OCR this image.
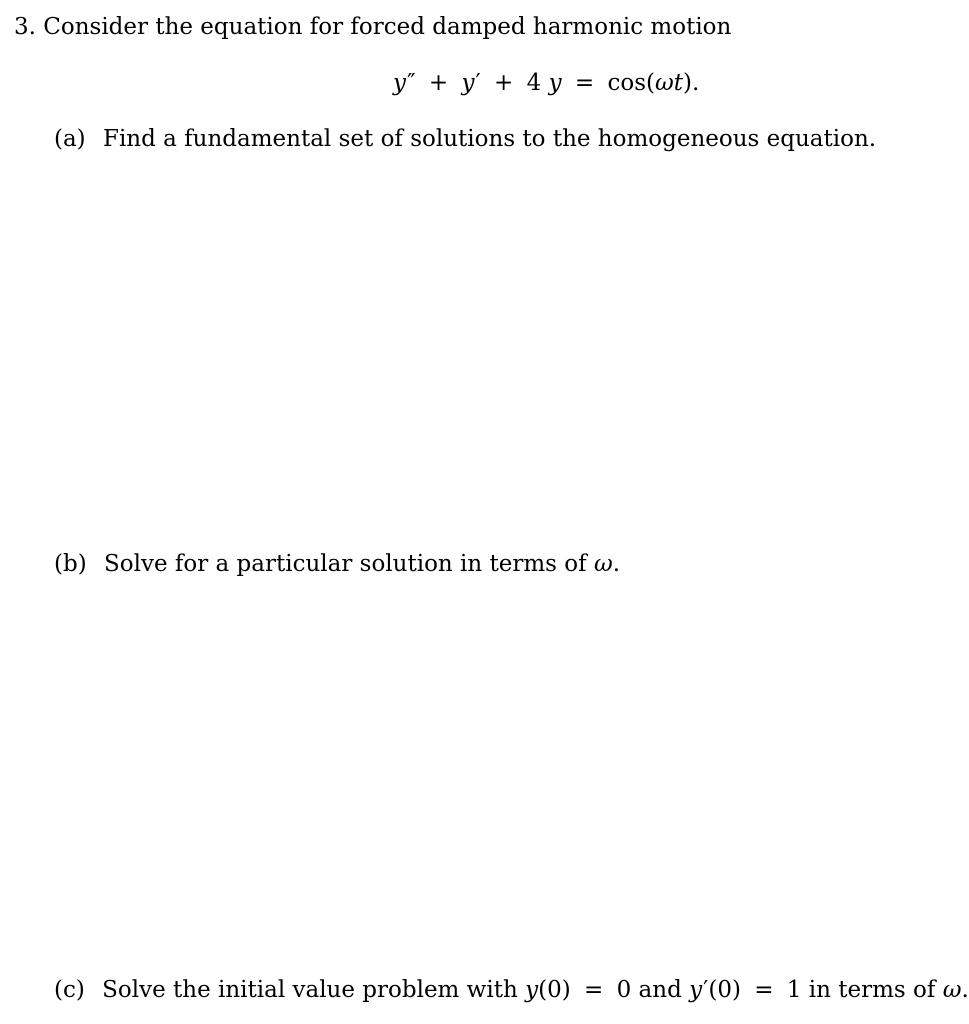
3. Consider the equation for forced damped harmonic motion
y″ + y′ + 4 y = cos(ωt).
(a) Find a fundamental set of solutions to the homogeneous equation.
(b) Solve for a particular solution in terms of ω.
(c) Solve the initial value problem with y(0) = 0 and y′(0) = 1 in terms of ω.
